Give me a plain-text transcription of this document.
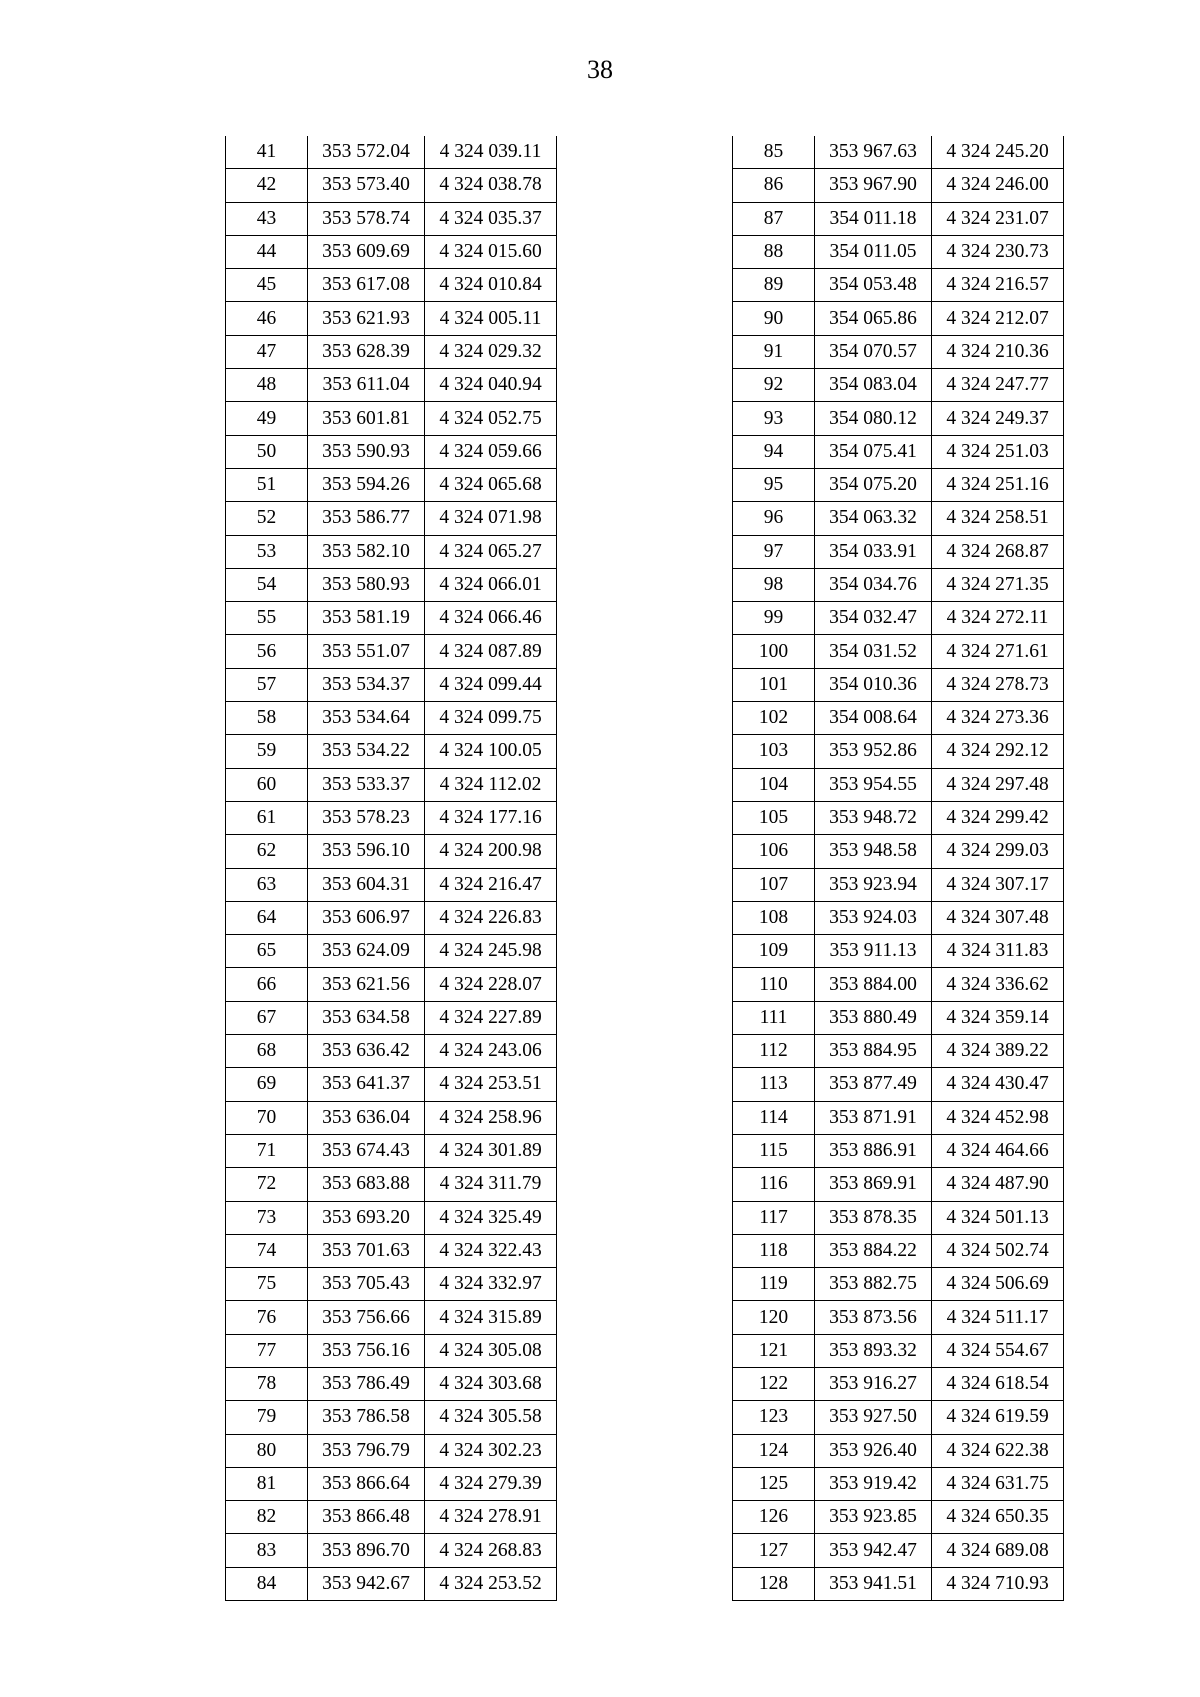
38
41	353 572.04	4 324 039.11
42	353 573.40	4 324 038.78
43	353 578.74	4 324 035.37
44	353 609.69	4 324 015.60
45	353 617.08	4 324 010.84
46	353 621.93	4 324 005.11
47	353 628.39	4 324 029.32
48	353 611.04	4 324 040.94
49	353 601.81	4 324 052.75
50	353 590.93	4 324 059.66
51	353 594.26	4 324 065.68
52	353 586.77	4 324 071.98
53	353 582.10	4 324 065.27
54	353 580.93	4 324 066.01
55	353 581.19	4 324 066.46
56	353 551.07	4 324 087.89
57	353 534.37	4 324 099.44
58	353 534.64	4 324 099.75
59	353 534.22	4 324 100.05
60	353 533.37	4 324 112.02
61	353 578.23	4 324 177.16
62	353 596.10	4 324 200.98
63	353 604.31	4 324 216.47
64	353 606.97	4 324 226.83
65	353 624.09	4 324 245.98
66	353 621.56	4 324 228.07
67	353 634.58	4 324 227.89
68	353 636.42	4 324 243.06
69	353 641.37	4 324 253.51
70	353 636.04	4 324 258.96
71	353 674.43	4 324 301.89
72	353 683.88	4 324 311.79
73	353 693.20	4 324 325.49
74	353 701.63	4 324 322.43
75	353 705.43	4 324 332.97
76	353 756.66	4 324 315.89
77	353 756.16	4 324 305.08
78	353 786.49	4 324 303.68
79	353 786.58	4 324 305.58
80	353 796.79	4 324 302.23
81	353 866.64	4 324 279.39
82	353 866.48	4 324 278.91
83	353 896.70	4 324 268.83
84	353 942.67	4 324 253.52
85	353 967.63	4 324 245.20
86	353 967.90	4 324 246.00
87	354 011.18	4 324 231.07
88	354 011.05	4 324 230.73
89	354 053.48	4 324 216.57
90	354 065.86	4 324 212.07
91	354 070.57	4 324 210.36
92	354 083.04	4 324 247.77
93	354 080.12	4 324 249.37
94	354 075.41	4 324 251.03
95	354 075.20	4 324 251.16
96	354 063.32	4 324 258.51
97	354 033.91	4 324 268.87
98	354 034.76	4 324 271.35
99	354 032.47	4 324 272.11
100	354 031.52	4 324 271.61
101	354 010.36	4 324 278.73
102	354 008.64	4 324 273.36
103	353 952.86	4 324 292.12
104	353 954.55	4 324 297.48
105	353 948.72	4 324 299.42
106	353 948.58	4 324 299.03
107	353 923.94	4 324 307.17
108	353 924.03	4 324 307.48
109	353 911.13	4 324 311.83
110	353 884.00	4 324 336.62
111	353 880.49	4 324 359.14
112	353 884.95	4 324 389.22
113	353 877.49	4 324 430.47
114	353 871.91	4 324 452.98
115	353 886.91	4 324 464.66
116	353 869.91	4 324 487.90
117	353 878.35	4 324 501.13
118	353 884.22	4 324 502.74
119	353 882.75	4 324 506.69
120	353 873.56	4 324 511.17
121	353 893.32	4 324 554.67
122	353 916.27	4 324 618.54
123	353 927.50	4 324 619.59
124	353 926.40	4 324 622.38
125	353 919.42	4 324 631.75
126	353 923.85	4 324 650.35
127	353 942.47	4 324 689.08
128	353 941.51	4 324 710.93
